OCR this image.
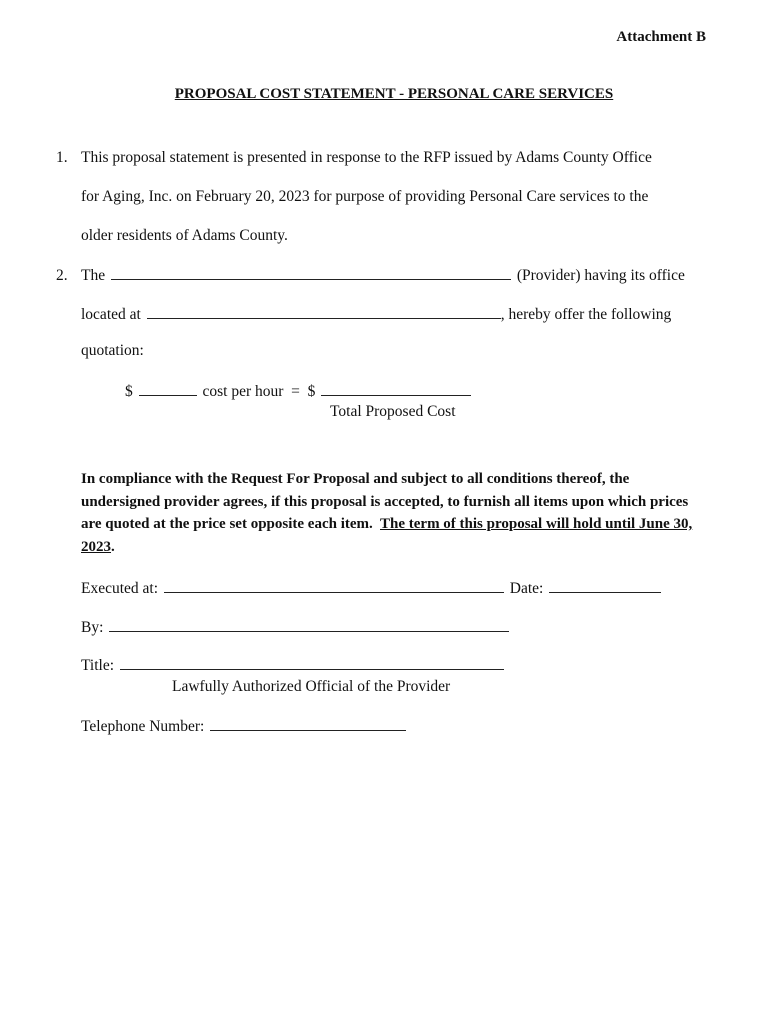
Attachment B
PROPOSAL COST STATEMENT - PERSONAL CARE SERVICES
1. This proposal statement is presented in response to the RFP issued by Adams County Office
for Aging, Inc. on February 20, 2023 for purpose of providing Personal Care services to the
older residents of Adams County.
2. The	(Provider) having its office
located at	, hereby offer the following
quotation:
$	cost per hour = $
Total Proposed Cost
In compliance with the Request For Proposal and subject to all conditions thereof, the undersigned provider agrees, if this proposal is accepted, to furnish all items upon which prices are quoted at the price set opposite each item. The term of this proposal will hold until June 30, 2023.
Executed at:	Date:
By:
Title:
Lawfully Authorized Official of the Provider
Telephone Number:
